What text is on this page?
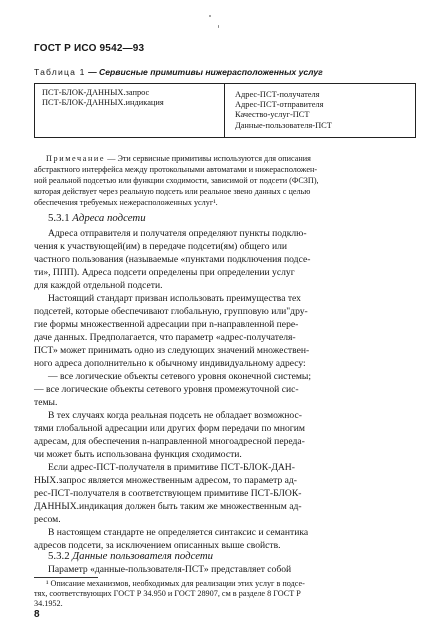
ГОСТ Р ИСО 9542—93
Таблица 1 — Сервисные примитивы нижерасположенных услуг
ПСТ-БЛОК-ДАННЫХ.запрос
ПСТ-БЛОК-ДАННЫХ.индикация
Адрес-ПСТ-получателя
Адрес-ПСТ-отправителя
Качество-услуг-ПСТ
Данные-пользователя-ПСТ
Примечание — Эти сервисные примитивы используются для описания
абстрактного интерфейса между протокольными автоматами и нижерасположен-
ной реальной подсетью или функции сходимости, зависимой от подсети (ФСЗП),
которая действует через реальную подсеть или реальное звено данных с целью
обеспечения требуемых нежерасположенных услуг¹.
5.3.1 Адреса подсети
Адреса отправителя и получателя определяют пункты подклю-
чения к участвующей(им) в передаче подсети(ям) общего или
частного пользования (называемые «пунктами подключения подсе-
ти», ППП). Адреса подсети определены при определении услуг
для каждой отдельной подсети.
Настоящий стандарт призван использовать преимущества тех
подсетей, которые обеспечивают глобальную, групповую или"дру-
гие формы множественной адресации при n-направленной пере-
даче данных. Предполагается, что параметр «адрес-получателя-
ПСТ» может принимать одно из следующих значений множествен-
ного адреса дополнительно к обычному индивидуальному адресу:
— все логические объекты сетевого уровня оконечной системы;
— все логические объекты сетевого уровня промежуточной сис-
темы.
В тех случаях когда реальная подсеть не обладает возможнос-
тями глобальной адресации или других форм передачи по многим
адресам, для обеспечения n-направленной многоадресной переда-
чи может быть использована функция сходимости.
Если адрес-ПСТ-получателя в примитиве ПСТ-БЛОК-ДАН-
НЫХ.запрос является множественным адресом, то параметр ад-
рес-ПСТ-получателя в соответствующем примитиве ПСТ-БЛОК-
ДАННЫХ.индикация должен быть таким же множественным ад-
ресом.
В настоящем стандарте не определяется синтаксис и семантика
адресов подсети, за исключением описанных выше свойств.
5.3.2 Данные пользователя подсети
Параметр «данные-пользователя-ПСТ» представляет собой
¹ Описание механизмов, необходимых для реализации этих услуг в подсе-
тях, соответствующих ГОСТ Р 34.950 и ГОСТ 28907, см в разделе 8 ГОСТ Р
34.1952.
8
